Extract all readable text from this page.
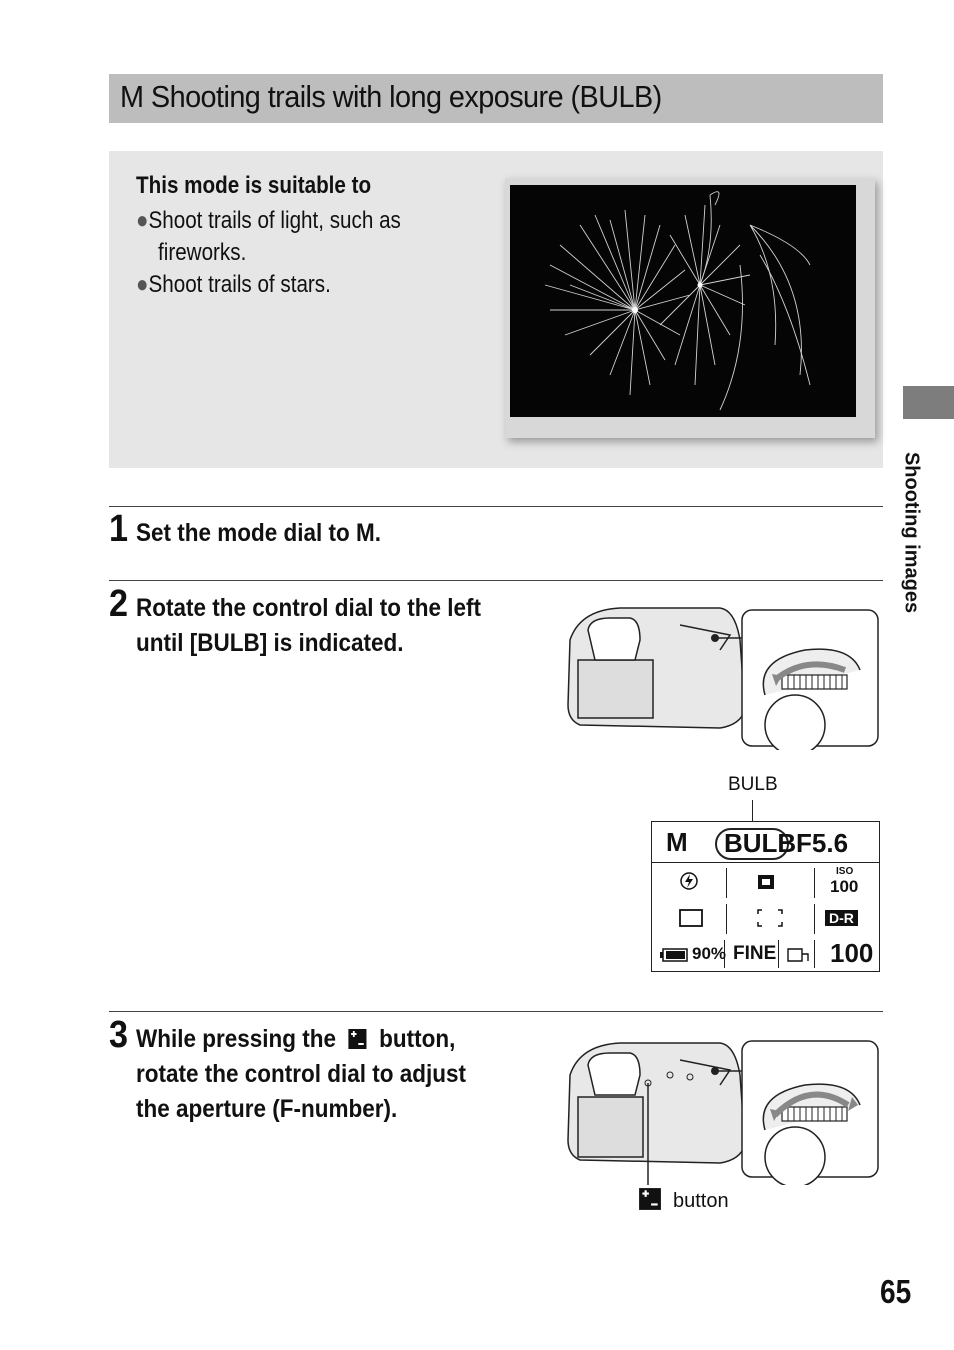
M Shooting trails with long exposure (BULB)
This mode is suitable to
●Shoot trails of light, such as
fireworks.
●Shoot trails of stars.
1 Set the mode dial to M.
2 Rotate the control dial to the left
until [BULB] is indicated.
BULB
M BULB F5.6
ISO
100
D-R
90% FINE 100
3 While pressing the button,
rotate the control dial to adjust
the aperture (F-number).
button
Shooting images
65
